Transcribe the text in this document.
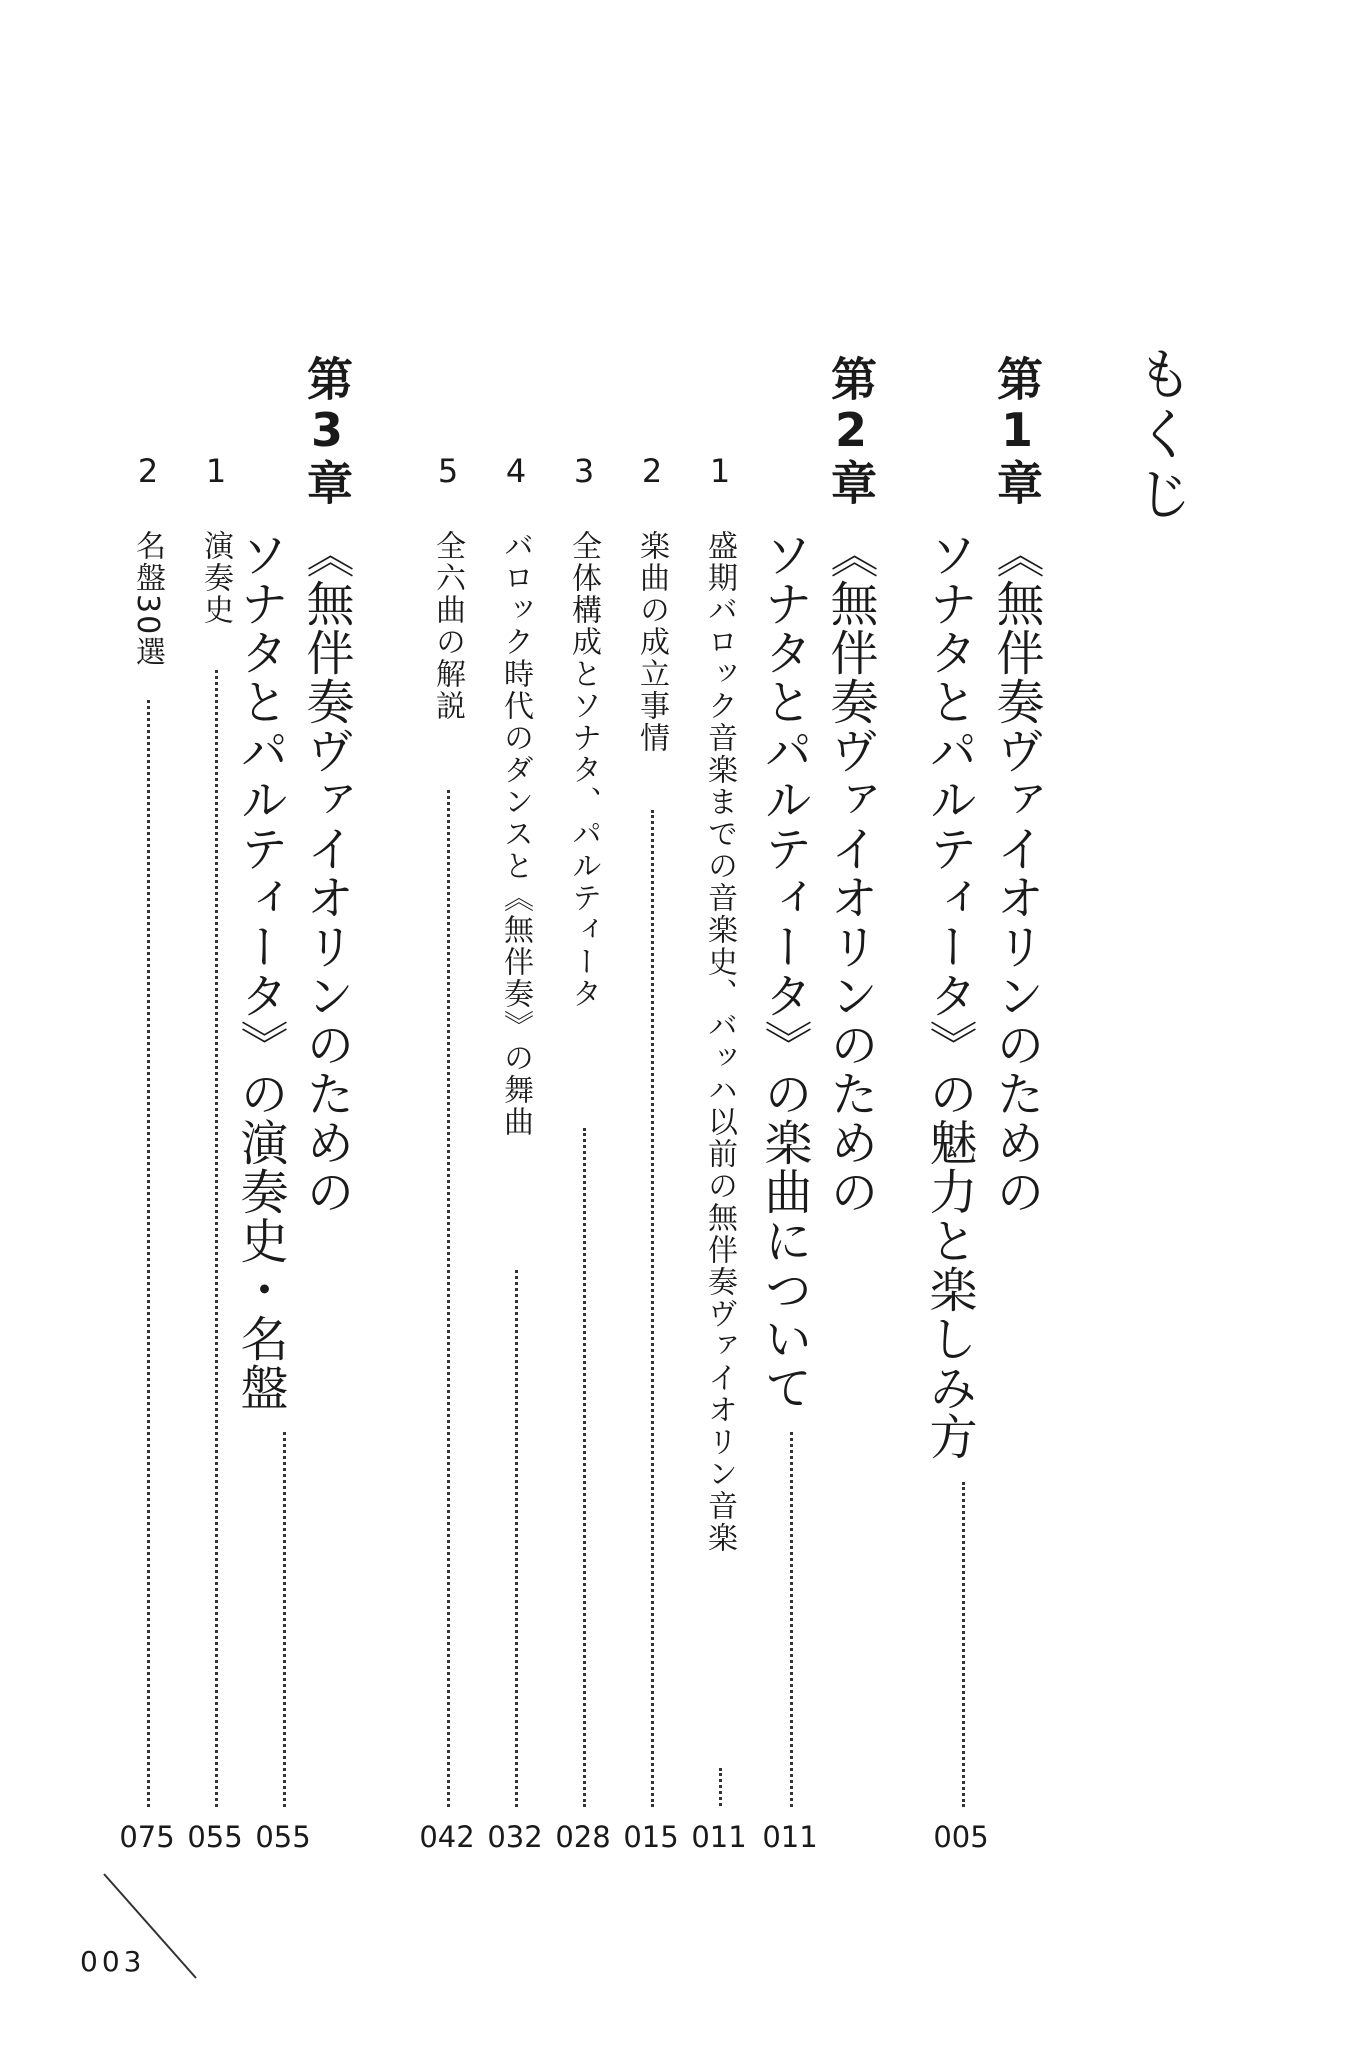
もくじ
第1章
《無伴奏ヴァイオリンのための
ソナタとパルティータ》の魅力と楽しみ方
005
第2章
《無伴奏ヴァイオリンのための
ソナタとパルティータ》の楽曲について
011
1
盛期バロック音楽までの音楽史、バッハ以前の無伴奏ヴァイオリン音楽
011
2
楽曲の成立事情
015
3
全体構成とソナタ、パルティータ
028
4
バロック時代のダンスと《無伴奏》の舞曲
032
5
全六曲の解説
042
第3章
《無伴奏ヴァイオリンのための
ソナタとパルティータ》の演奏史・名盤
055
1
演奏史
055
2
名盤30選
075
003
